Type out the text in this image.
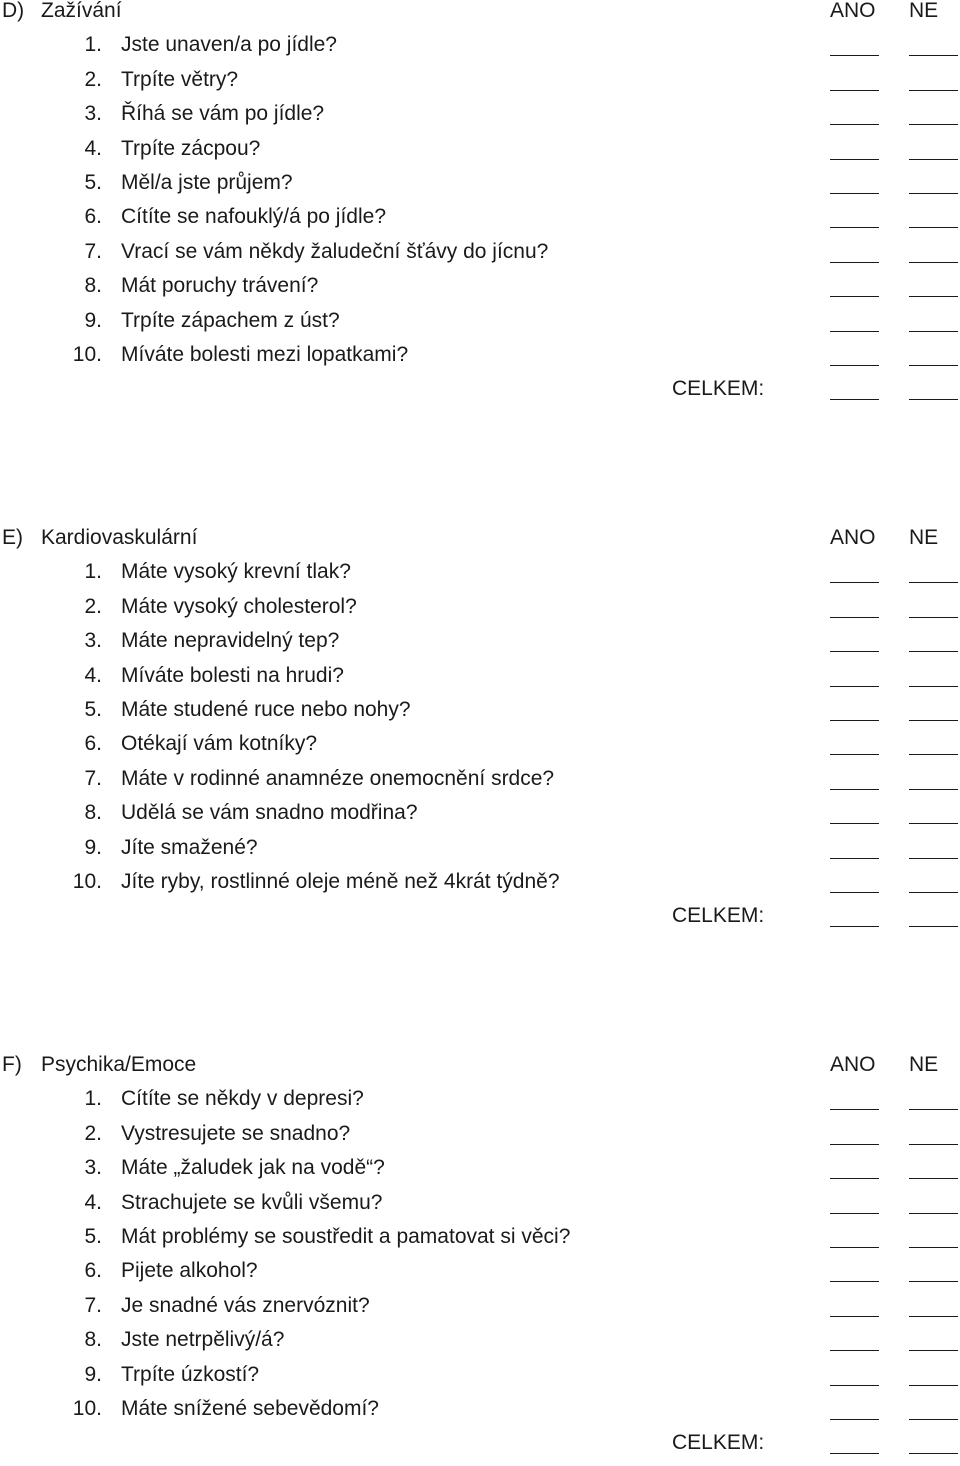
D) Zažívání	ANO NE
1. Jste unaven/a po jídle?
2. Trpíte větry?
3. Říhá se vám po jídle?
4. Trpíte zácpou?
5. Měl/a jste průjem?
6. Cítíte se nafouklý/á po jídle?
7. Vrací se vám někdy žaludeční šťávy do jícnu?
8. Mát poruchy trávení?
9. Trpíte zápachem z úst?
10. Míváte bolesti mezi lopatkami?
CELKEM:
E) Kardiovaskulární	ANO NE
1. Máte vysoký krevní tlak?
2. Máte vysoký cholesterol?
3. Máte nepravidelný tep?
4. Míváte bolesti na hrudi?
5. Máte studené ruce nebo nohy?
6. Otékají vám kotníky?
7. Máte v rodinné anamnéze onemocnění srdce?
8. Udělá se vám snadno modřina?
9. Jíte smažené?
10. Jíte ryby, rostlinné oleje méně než 4krát týdně?
CELKEM:
F) Psychika/Emoce	ANO NE
1. Cítíte se někdy v depresi?
2. Vystresujete se snadno?
3. Máte „žaludek jak na vodě“?
4. Strachujete se kvůli všemu?
5. Mát problémy se soustředit a pamatovat si věci?
6. Pijete alkohol?
7. Je snadné vás znervóznit?
8. Jste netrpělivý/á?
9. Trpíte úzkostí?
10. Máte snížené sebevědomí?
CELKEM:
